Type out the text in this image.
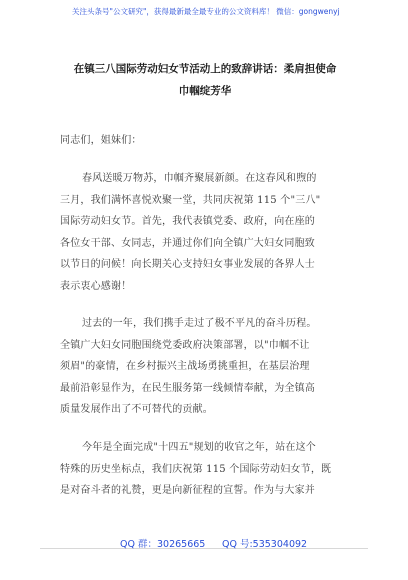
关注头条号"公文研究"，获得最新最全最专业的公文资料库！ 微信：gongwenyj
在镇三八国际劳动妇女节活动上的致辞讲话：柔肩担使命
巾帼绽芳华
同志们，姐妹们：
春风送暖万物苏，巾帼齐聚展新颜。在这春风和煦的
三月，我们满怀喜悦欢聚一堂，共同庆祝第 115 个"三八"
国际劳动妇女节。首先，我代表镇党委、政府，向在座的
各位女干部、女同志，并通过你们向全镇广大妇女同胞致
以节日的问候！向长期关心支持妇女事业发展的各界人士
表示衷心感谢！
过去的一年，我们携手走过了极不平凡的奋斗历程。
全镇广大妇女同胞围绕党委政府决策部署，以"巾帼不让
须眉"的豪情，在乡村振兴主战场勇挑重担，在基层治理
最前沿彰显作为，在民生服务第一线倾情奉献，为全镇高
质量发展作出了不可替代的贡献。
今年是全面完成"十四五"规划的收官之年，站在这个
特殊的历史坐标点，我们庆祝第 115 个国际劳动妇女节，既
是对奋斗者的礼赞，更是向新征程的宣誓。作为与大家并
QQ 群：30265665 QQ 号:535304092
